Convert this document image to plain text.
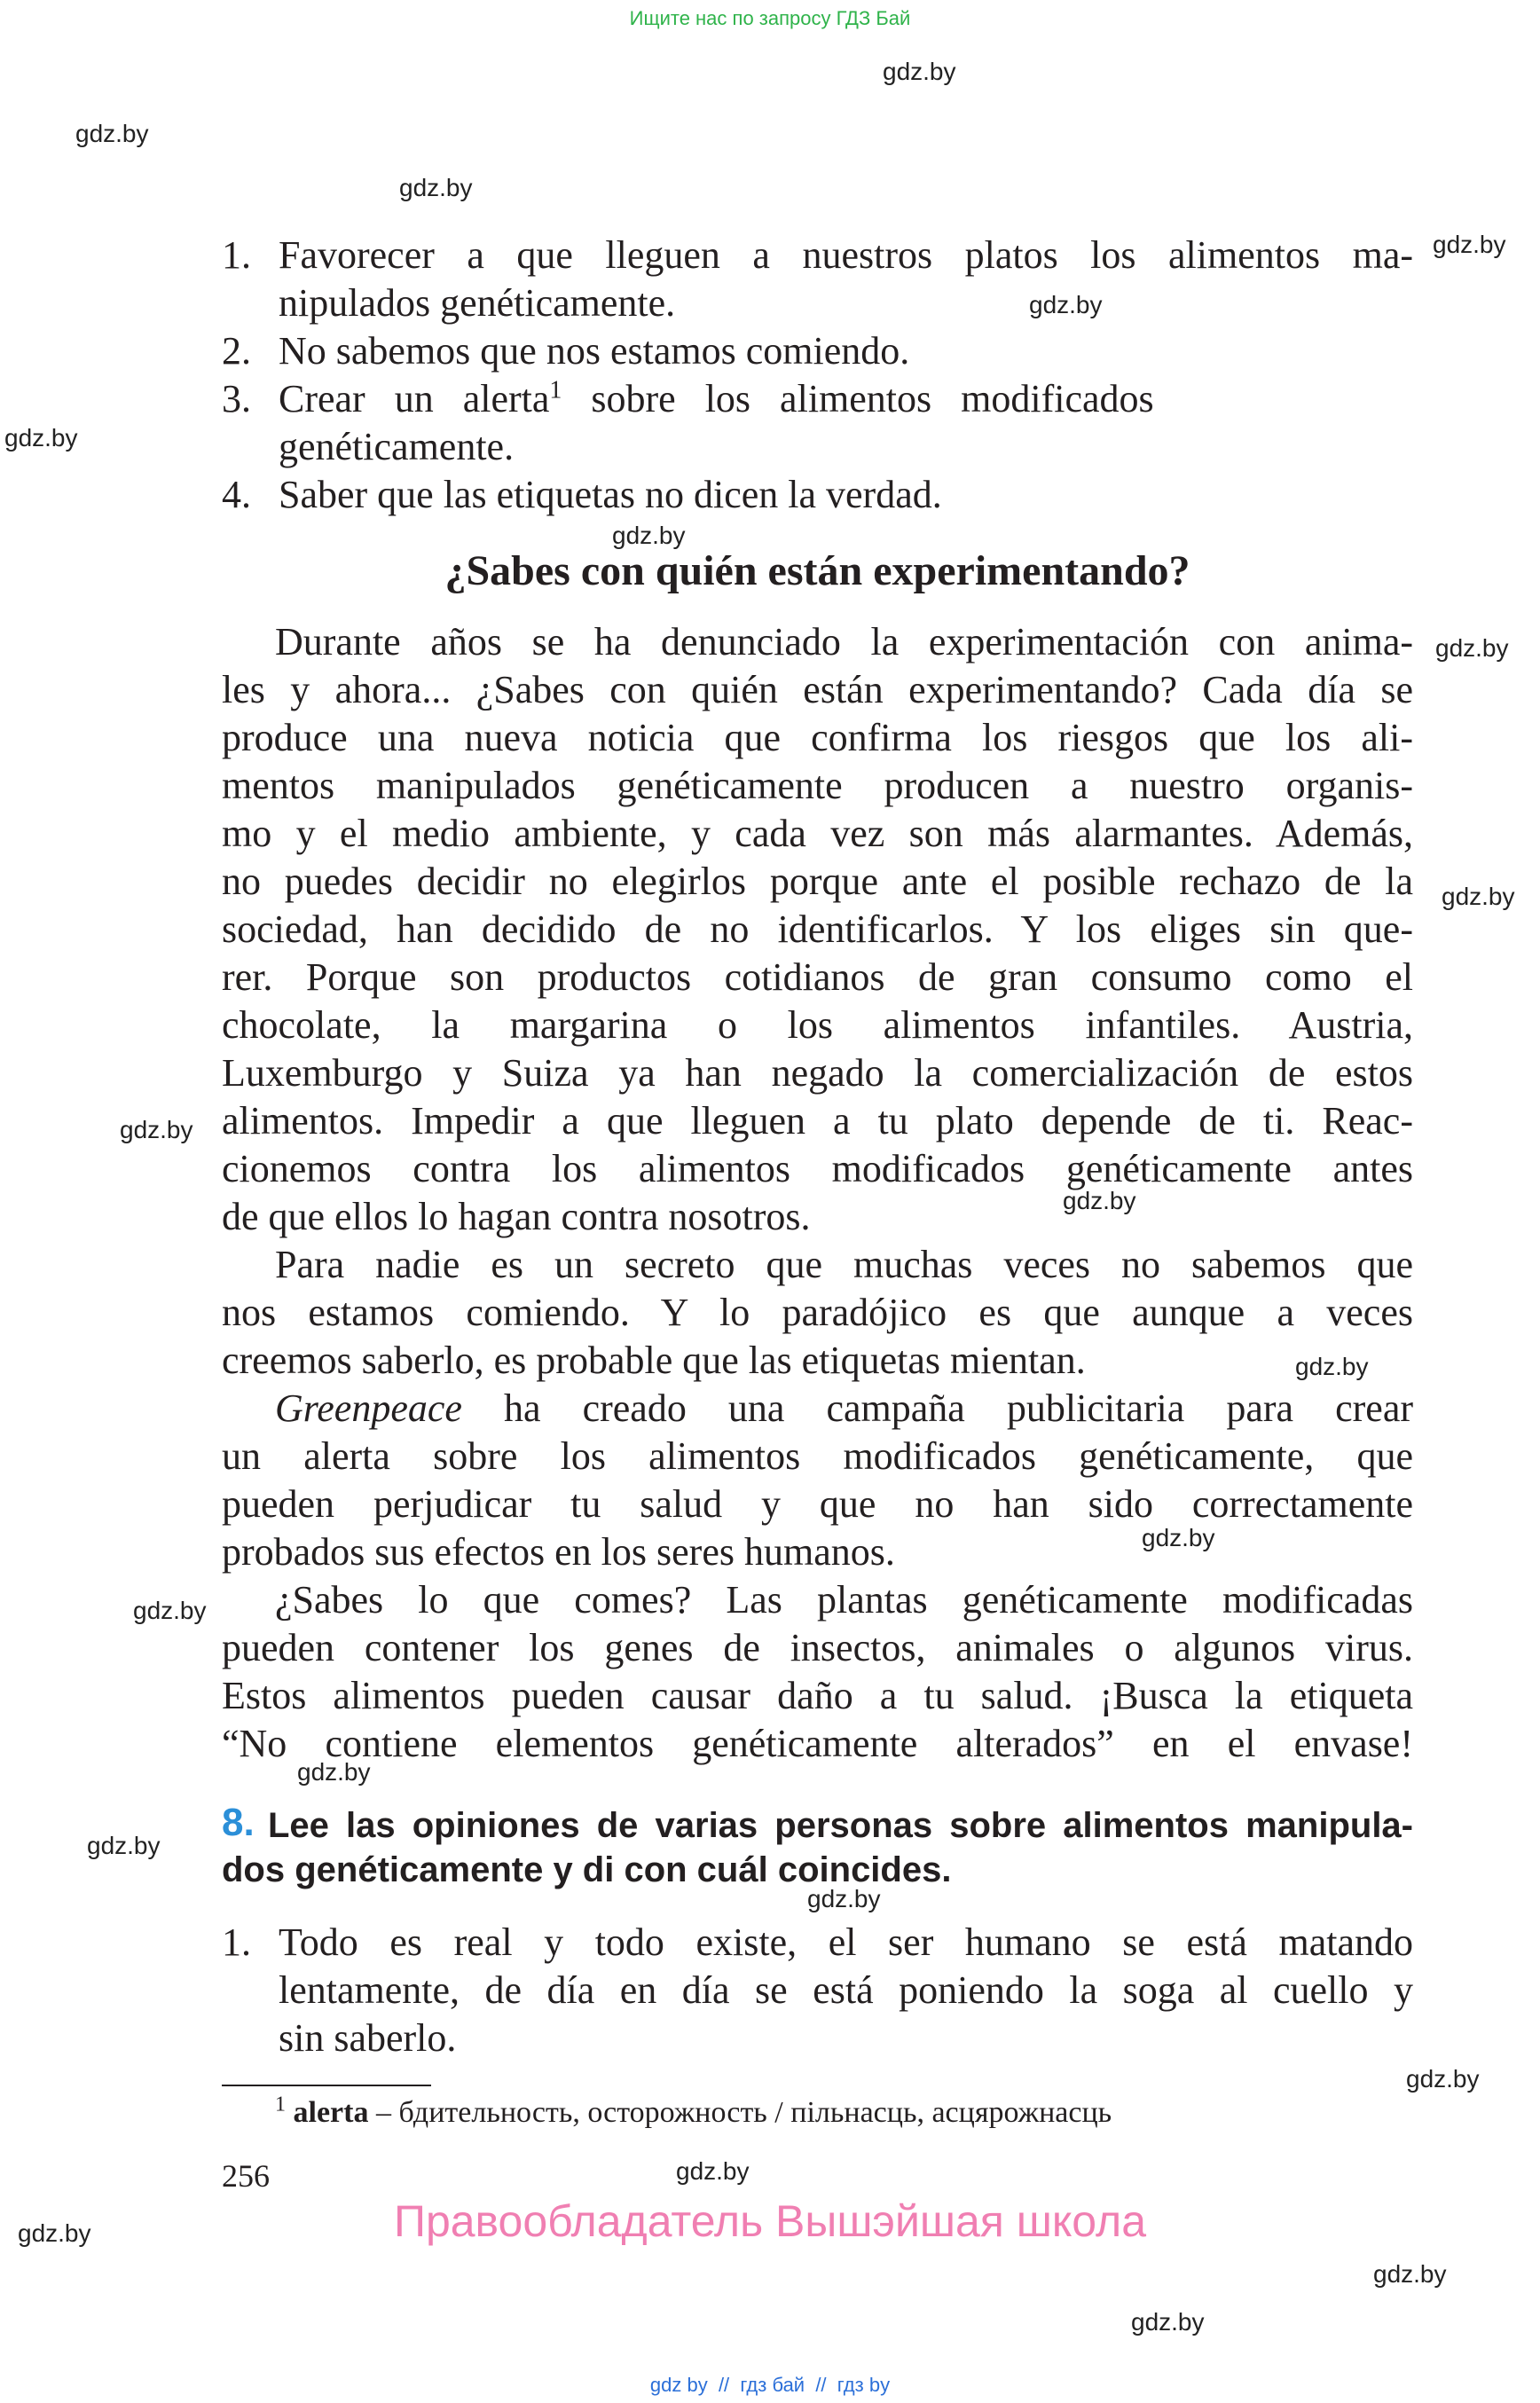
Ищите нас по запросу ГДЗ Бай
gdz.by
gdz.by
gdz.by
gdz.by
gdz.by
gdz.by
gdz.by
gdz.by
gdz.by
gdz.by
gdz.by
gdz.by
gdz.by
gdz.by
gdz.by
gdz.by
gdz.by
gdz.by
gdz.by
gdz.by
gdz.by
gdz.by
1. Favorecer a que lleguen a nuestros platos los alimentos ma-
nipulados genéticamente.
2. No sabemos que nos estamos comiendo.
3. Crear   un   alerta$^1$   sobre   los   alimentos   modificados
genéticamente.
4. Saber que las etiquetas no dicen la verdad.
¿Sabes con quién están experimentando?
Durante años se ha denunciado la experimentación con anima-
les y ahora... ¿Sabes con quién están experimentando? Cada día se
produce una nueva noticia que confirma los riesgos que los ali-
mentos manipulados genéticamente producen a nuestro organis-
mo y el medio ambiente, y cada vez son más alarmantes. Además,
no puedes decidir no elegirlos porque ante el posible rechazo de la
sociedad, han decidido de no identificarlos. Y los eliges sin que-
rer. Porque son productos cotidianos de gran consumo como el
chocolate, la margarina o los alimentos infantiles. Austria,
Luxemburgo y Suiza ya han negado la comercialización de estos
alimentos. Impedir a que lleguen a tu plato depende de ti. Reac-
cionemos contra los alimentos modificados genéticamente antes
de que ellos lo hagan contra nosotros.
Para nadie es un secreto que muchas veces no sabemos que
nos estamos comiendo. Y lo paradójico es que aunque a veces
creemos saberlo, es probable que las etiquetas mientan.
Greenpeace ha creado una campaña publicitaria para crear
un alerta sobre los alimentos modificados genéticamente, que
pueden perjudicar tu salud y que no han sido correctamente
probados sus efectos en los seres humanos.
¿Sabes lo que comes? Las plantas genéticamente modificadas
pueden contener los genes de insectos, animales o algunos virus.
Estos alimentos pueden causar daño a tu salud. ¡Busca la etiqueta
“No contiene elementos genéticamente alterados” en el envase!
8. Lee las opiniones de varias personas sobre alimentos manipula-
dos genéticamente y di con cuál coincides.
1. Todo es real y todo existe, el ser humano se está matando
lentamente, de día en día se está poniendo la soga al cuello y
sin saberlo.
$^1$ alerta – бдительность, осторожность / пільнасць, асцярожнасць
256
Правообладатель Вышэйшая школа
gdz by  //  гдз бай  //  гдз by
